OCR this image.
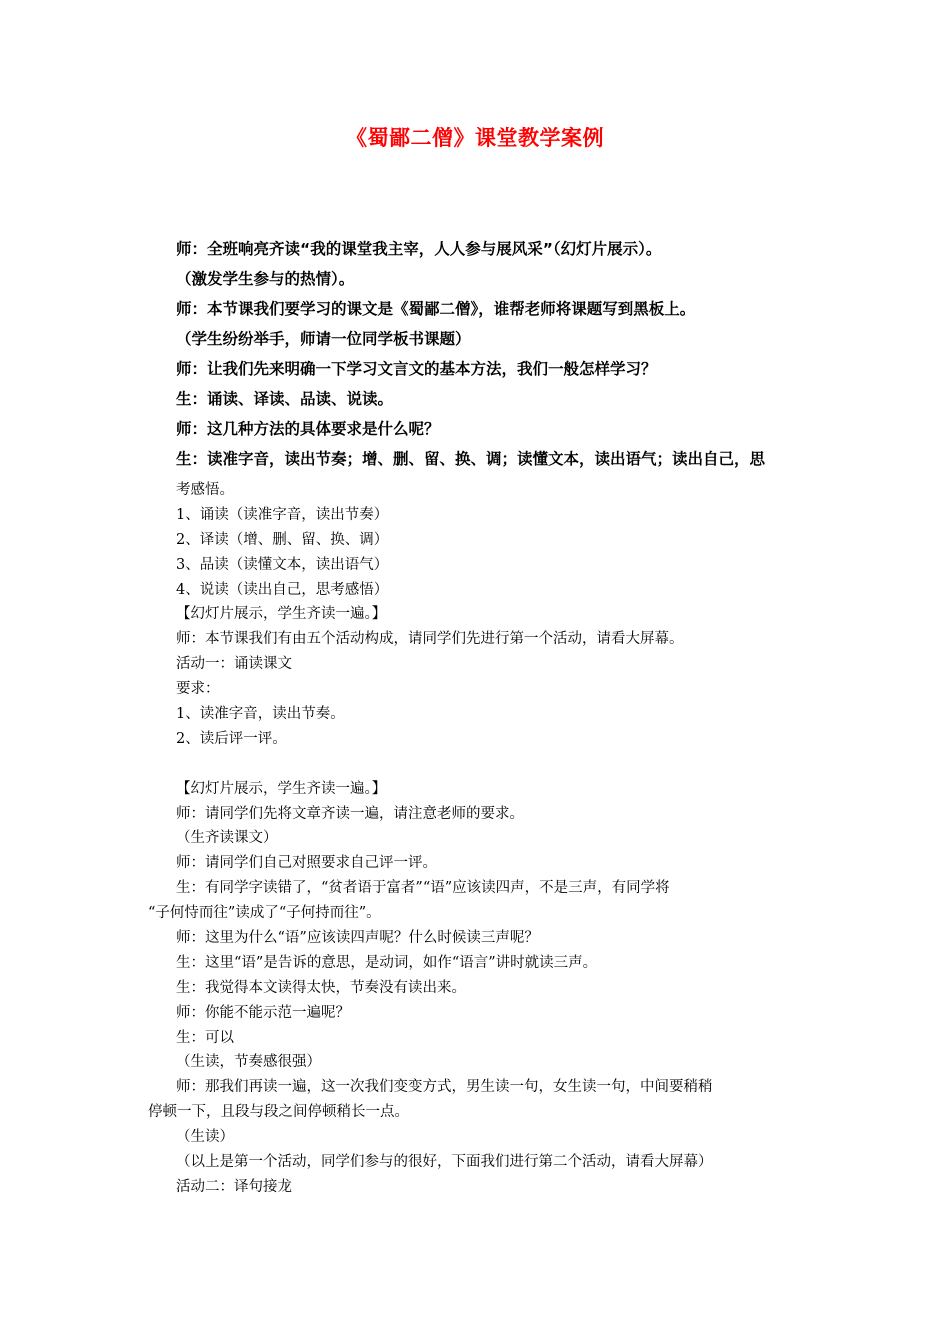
《蜀鄙二僧》课堂教学案例
师：全班响亮齐读“我的课堂我主宰，人人参与展风采”（幻灯片展示）。
（激发学生参与的热情）。
师：本节课我们要学习的课文是《蜀鄙二僧》，谁帮老师将课题写到黑板上。
（学生纷纷举手，师请一位同学板书课题）
师：让我们先来明确一下学习文言文的基本方法，我们一般怎样学习？
生：诵读、译读、品读、说读。
师：这几种方法的具体要求是什么呢？
生：读准字音，读出节奏；增、删、留、换、调；读懂文本，读出语气；读出自己，思
考感悟。
1、诵读（读准字音，读出节奏）
2、译读（增、删、留、换、调）
3、品读（读懂文本，读出语气）
4、说读（读出自己，思考感悟）
【幻灯片展示，学生齐读一遍。】
师：本节课我们有由五个活动构成，请同学们先进行第一个活动，请看大屏幕。
活动一：诵读课文
要求：
1、读准字音，读出节奏。
2、读后评一评。
【幻灯片展示，学生齐读一遍。】
师：请同学们先将文章齐读一遍，请注意老师的要求。
（生齐读课文）
师：请同学们自己对照要求自己评一评。
生：有同学字读错了，“贫者语于富者”“语”应该读四声，不是三声，有同学将
“子何恃而往”读成了“子何持而往”。
师：这里为什么“语”应该读四声呢？什么时候读三声呢？
生：这里“语”是告诉的意思，是动词，如作“语言”讲时就读三声。
生：我觉得本文读得太快，节奏没有读出来。
师：你能不能示范一遍呢？
生：可以
（生读，节奏感很强）
师：那我们再读一遍，这一次我们变变方式，男生读一句，女生读一句，中间要稍稍
停顿一下，且段与段之间停顿稍长一点。
（生读）
（以上是第一个活动，同学们参与的很好，下面我们进行第二个活动，请看大屏幕）
活动二：译句接龙
